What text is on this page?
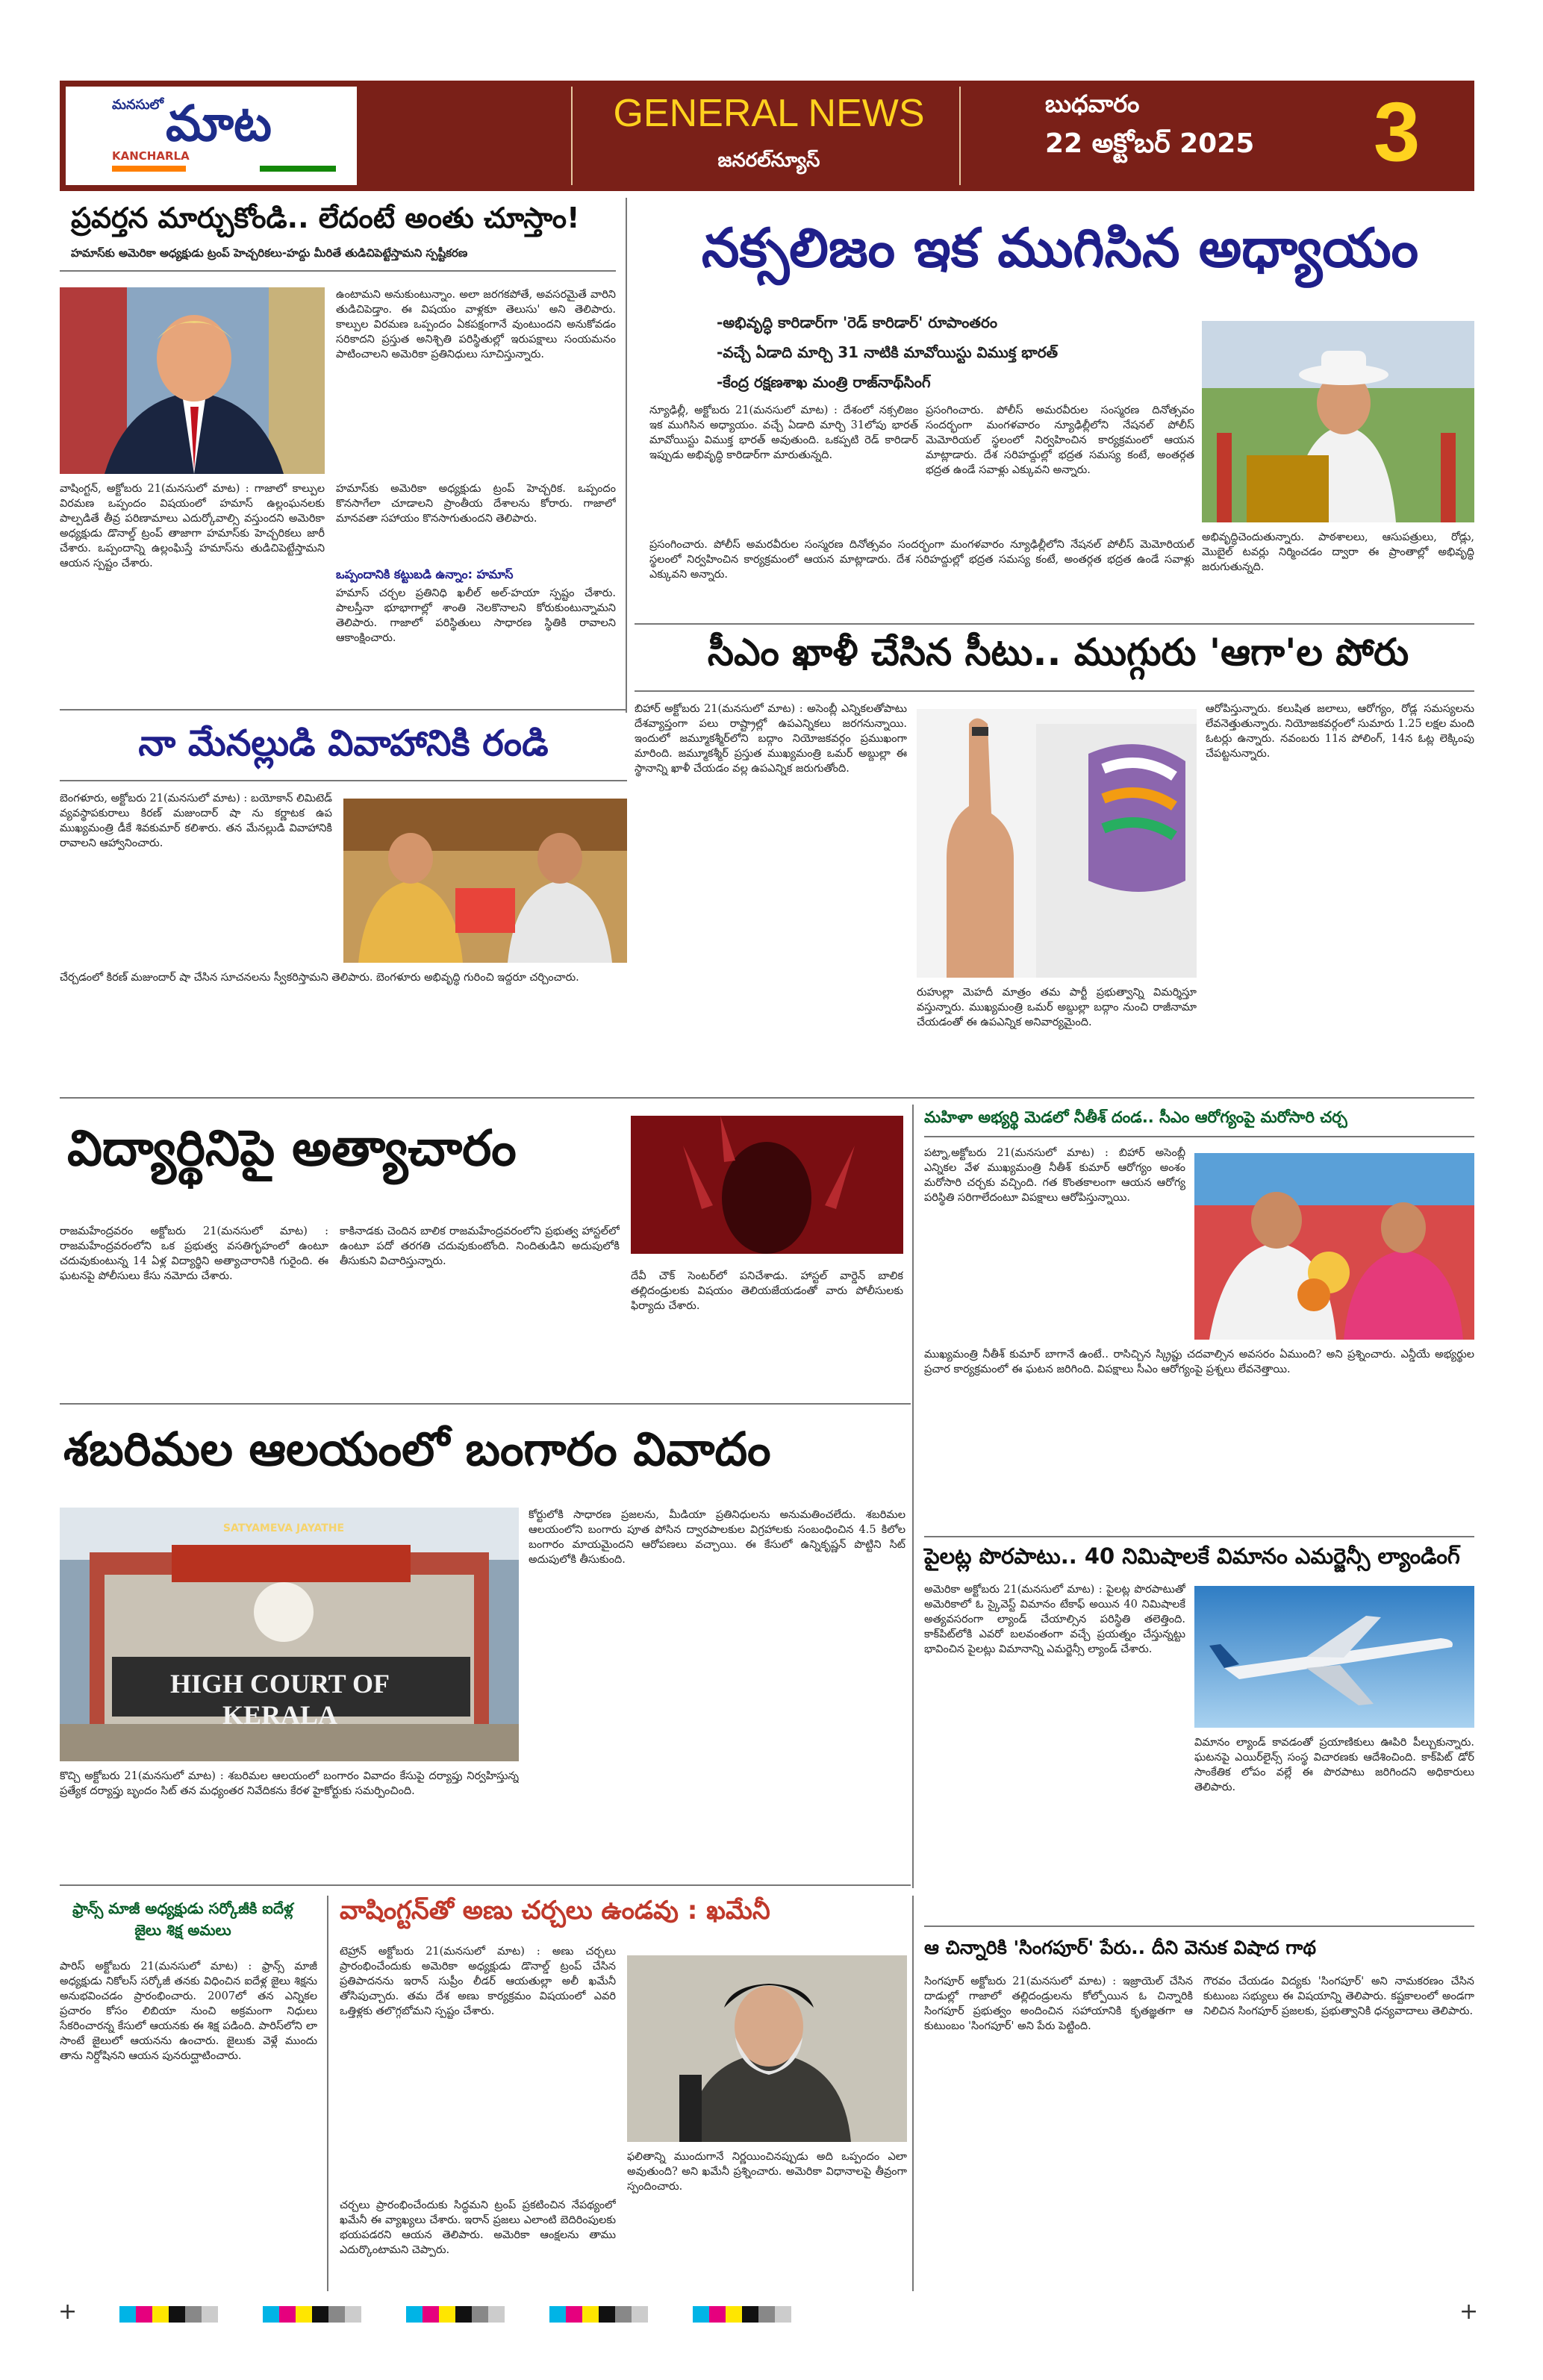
మనసులో మాట
KANCHARLA
GENERAL NEWS
జనరల్‌న్యూస్
బుధవారం
22 అక్టోబర్ 2025 3
ప్రవర్తన మార్చుకోండి.. లేదంటే అంతు చూస్తాం!
హమాస్‌కు అమెరికా అధ్యక్షుడు ట్రంప్ హెచ్చరికలు-హద్దు మీరితే తుడిచిపెట్టేస్తామని స్పష్టీకరణ
ఉంటామని అనుకుంటున్నాం. అలా జరగకపోతే, అవసరమైతే వారిని తుడిచిపెడ్తాం. ఈ విషయం వాళ్లకూ తెలుసు' అని తెలిపారు. కాల్పుల విరమణ ఒప్పందం ఏకపక్షంగానే వుంటుందని అనుకోవడం సరికాదని ప్రస్తుత అనిశ్చితి పరిస్థితుల్లో ఇరుపక్షాలు సంయమనం పాటించాలని అమెరికా ప్రతినిధులు సూచిస్తున్నారు.
వాషింగ్టన్, అక్టోబరు 21(మనసులో మాట) : గాజాలో కాల్పుల విరమణ ఒప్పందం విషయంలో హమాస్ ఉల్లంఘనలకు పాల్పడితే తీవ్ర పరిణామాలు ఎదుర్కోవాల్సి వస్తుందని అమెరికా అధ్యక్షుడు డొనాల్డ్ ట్రంప్ తాజాగా హమాస్‌కు హెచ్చరికలు జారీ చేశారు. ఒప్పందాన్ని ఉల్లంఘిస్తే హమాస్‌ను తుడిచిపెట్టేస్తామని ఆయన స్పష్టం చేశారు.
హమాస్‌కు అమెరికా అధ్యక్షుడు ట్రంప్ హెచ్చరిక. ఒప్పందం కొనసాగేలా చూడాలని ప్రాంతీయ దేశాలను కోరారు. గాజాలో మానవతా సహాయం కొనసాగుతుందని తెలిపారు.
ఒప్పందానికి కట్టుబడి ఉన్నాం: హమాస్
హమాస్ చర్చల ప్రతినిధి ఖలీల్ అల్-హయా స్పష్టం చేశారు. పాలస్తీనా భూభాగాల్లో శాంతి నెలకొనాలని కోరుకుంటున్నామని తెలిపారు. గాజాలో పరిస్థితులు సాధారణ స్థితికి రావాలని ఆకాంక్షించారు.
నక్సలిజం ఇక ముగిసిన అధ్యాయం
-అభివృద్ధి కారిడార్‌గా 'రెడ్ కారిడార్' రూపాంతరం
-వచ్చే ఏడాది మార్చి 31 నాటికి మావోయిస్టు విముక్త భారత్
-కేంద్ర రక్షణశాఖ మంత్రి రాజ్‌నాథ్‌సింగ్
న్యూఢిల్లీ, అక్టోబరు 21(మనసులో మాట) : దేశంలో నక్సలిజం ఇక ముగిసిన అధ్యాయం. వచ్చే ఏడాది మార్చి 31లోపు భారత్ మావోయిస్టు విముక్త భారత్ అవుతుంది. ఒకప్పటి రెడ్ కారిడార్ ఇప్పుడు అభివృద్ధి కారిడార్‌గా మారుతున్నది.
ప్రసంగించారు. పోలీస్ అమరవీరుల సంస్మరణ దినోత్సవం సందర్భంగా మంగళవారం న్యూఢిల్లీలోని నేషనల్ పోలీస్ మెమోరియల్ స్థలంలో నిర్వహించిన కార్యక్రమంలో ఆయన మాట్లాడారు. దేశ సరిహద్దుల్లో భద్రత సమస్య కంటే, అంతర్గత భద్రత ఉండే సవాళ్లు ఎక్కువని అన్నారు.
అభివృద్ధిచెందుతున్నారు. పాఠశాలలు, ఆసుపత్రులు, రోడ్లు, మొబైల్ టవర్లు నిర్మించడం ద్వారా ఈ ప్రాంతాల్లో అభివృద్ధి జరుగుతున్నది.
ప్రసంగించారు. పోలీస్ అమరవీరుల సంస్మరణ దినోత్సవం సందర్భంగా మంగళవారం న్యూఢిల్లీలోని నేషనల్ పోలీస్ మెమోరియల్ స్థలంలో నిర్వహించిన కార్యక్రమంలో ఆయన మాట్లాడారు. దేశ సరిహద్దుల్లో భద్రత సమస్య కంటే, అంతర్గత భద్రత ఉండే సవాళ్లు ఎక్కువని అన్నారు.
సీఎం ఖాళీ చేసిన సీటు.. ముగ్గురు 'ఆగా'ల పోరు
బిహార్ అక్టోబరు 21(మనసులో మాట) : అసెంబ్లీ ఎన్నికలతోపాటు దేశవ్యాప్తంగా పలు రాష్ట్రాల్లో ఉపఎన్నికలు జరగనున్నాయి. ఇందులో జమ్మూకశ్మీర్‌లోని బద్గాం నియోజకవర్గం ప్రముఖంగా మారింది. జమ్మూకశ్మీర్ ప్రస్తుత ముఖ్యమంత్రి ఒమర్ అబ్దుల్లా ఈ స్థానాన్ని ఖాళీ చేయడం వల్ల ఉపఎన్నిక జరుగుతోంది.
రుహుల్లా మెహదీ మాత్రం తమ పార్టీ ప్రభుత్వాన్ని విమర్శిస్తూ వస్తున్నారు. ముఖ్యమంత్రి ఒమర్ అబ్దుల్లా బద్గాం నుంచి రాజీనామా చేయడంతో ఈ ఉపఎన్నిక అనివార్యమైంది.
ఆరోపిస్తున్నారు. కలుషిత జలాలు, ఆరోగ్యం, రోడ్ల సమస్యలను లేవనెత్తుతున్నారు. నియోజకవర్గంలో సుమారు 1.25 లక్షల మంది ఓటర్లు ఉన్నారు. నవంబరు 11న పోలింగ్, 14న ఓట్ల లెక్కింపు చేపట్టనున్నారు.
నా మేనల్లుడి వివాహానికి రండి
బెంగళూరు, అక్టోబరు 21(మనసులో మాట) : బయోకాన్ లిమిటెడ్ వ్యవస్థాపకురాలు కిరణ్ మజుందార్ షా ను కర్ణాటక ఉప ముఖ్యమంత్రి డీకే శివకుమార్ కలిశారు. తన మేనల్లుడి వివాహానికి రావాలని ఆహ్వానించారు.
చేర్చడంలో కిరణ్ మజుందార్ షా చేసిన సూచనలను స్వీకరిస్తామని తెలిపారు. బెంగళూరు అభివృద్ధి గురించి ఇద్దరూ చర్చించారు.
విద్యార్థినిపై అత్యాచారం
రాజమహేంద్రవరం అక్టోబరు 21(మనసులో మాట) : రాజమహేంద్రవరంలోని ఒక ప్రభుత్వ వసతిగృహంలో ఉంటూ చదువుకుంటున్న 14 ఏళ్ల విద్యార్థిని అత్యాచారానికి గురైంది. ఈ ఘటనపై పోలీసులు కేసు నమోదు చేశారు.
కాకినాడకు చెందిన బాలిక రాజమహేంద్రవరంలోని ప్రభుత్వ హాస్టల్‌లో ఉంటూ పదో తరగతి చదువుకుంటోంది. నిందితుడిని అదుపులోకి తీసుకుని విచారిస్తున్నారు.
దేవీ చౌక్ సెంటర్‌లో పనిచేశాడు. హాస్టల్ వార్డెన్ బాలిక తల్లిదండ్రులకు విషయం తెలియజేయడంతో వారు పోలీసులకు ఫిర్యాదు చేశారు.
మహిళా అభ్యర్థి మెడలో నీతీశ్ దండ.. సీఎం ఆరోగ్యంపై మరోసారి చర్చ
పట్నా,అక్టోబరు 21(మనసులో మాట) : బిహార్ అసెంబ్లీ ఎన్నికల వేళ ముఖ్యమంత్రి నీతీశ్ కుమార్ ఆరోగ్యం అంశం మరోసారి చర్చకు వచ్చింది. గత కొంతకాలంగా ఆయన ఆరోగ్య పరిస్థితి సరిగాలేదంటూ విపక్షాలు ఆరోపిస్తున్నాయి.
ముఖ్యమంత్రి నీతీశ్ కుమార్ బాగానే ఉంటే.. రాసిచ్చిన స్క్రిప్టు చదవాల్సిన అవసరం ఏముంది? అని ప్రశ్నించారు. ఎన్డీయే అభ్యర్థుల ప్రచార కార్యక్రమంలో ఈ ఘటన జరిగింది. విపక్షాలు సీఎం ఆరోగ్యంపై ప్రశ్నలు లేవనెత్తాయి.
శబరిమల ఆలయంలో బంగారం వివాదం
SATYAMEVA JAYATHE
HIGH COURT OF KERALA
కోర్టులోకి సాధారణ ప్రజలను, మీడియా ప్రతినిధులను అనుమతించలేదు. శబరిమల ఆలయంలోని బంగారు పూత పోసిన ద్వారపాలకుల విగ్రహాలకు సంబంధించిన 4.5 కిలోల బంగారం మాయమైందని ఆరోపణలు వచ్చాయి. ఈ కేసులో ఉన్నికృష్ణన్ పొట్టిని సిట్ అదుపులోకి తీసుకుంది.
కొచ్చి అక్టోబరు 21(మనసులో మాట) : శబరిమల ఆలయంలో బంగారం వివాదం కేసుపై దర్యాప్తు నిర్వహిస్తున్న ప్రత్యేక దర్యాప్తు బృందం సిట్ తన మధ్యంతర నివేదికను కేరళ హైకోర్టుకు సమర్పించింది.
పైలట్ల పొరపాటు.. 40 నిమిషాలకే విమానం ఎమర్జెన్సీ ల్యాండింగ్
అమెరికా అక్టోబరు 21(మనసులో మాట) : పైలట్ల పొరపాటుతో అమెరికాలో ఓ స్కైవెస్ట్ విమానం టేకాఫ్ అయిన 40 నిమిషాలకే అత్యవసరంగా ల్యాండ్ చేయాల్సిన పరిస్థితి తలెత్తింది. కాక్‌పిట్‌లోకి ఎవరో బలవంతంగా వచ్చే ప్రయత్నం చేస్తున్నట్టు భావించిన పైలట్లు విమానాన్ని ఎమర్జెన్సీ ల్యాండ్ చేశారు.
విమానం ల్యాండ్ కావడంతో ప్రయాణికులు ఊపిరి పీల్చుకున్నారు. ఘటనపై ఎయిర్‌లైన్స్ సంస్థ విచారణకు ఆదేశించింది. కాక్‌పిట్ డోర్ సాంకేతిక లోపం వల్లే ఈ పొరపాటు జరిగిందని అధికారులు తెలిపారు.
ఫ్రాన్స్ మాజీ అధ్యక్షుడు సర్కోజీకి ఐదేళ్ల జైలు శిక్ష అమలు
పారిస్ అక్టోబరు 21(మనసులో మాట) : ఫ్రాన్స్ మాజీ అధ్యక్షుడు నికోలస్ సర్కోజీ తనకు విధించిన ఐదేళ్ల జైలు శిక్షను అనుభవించడం ప్రారంభించారు. 2007లో తన ఎన్నికల ప్రచారం కోసం లిబియా నుంచి అక్రమంగా నిధులు సేకరించారన్న కేసులో ఆయనకు ఈ శిక్ష పడింది. పారిస్‌లోని లా సాంటే జైలులో ఆయనను ఉంచారు. జైలుకు వెళ్లే ముందు తాను నిర్దోషినని ఆయన పునరుద్ఘాటించారు.
వాషింగ్టన్‌తో అణు చర్చలు ఉండవు : ఖమేనీ
టెహ్రాన్ అక్టోబరు 21(మనసులో మాట) : అణు చర్చలు ప్రారంభించేందుకు అమెరికా అధ్యక్షుడు డొనాల్డ్ ట్రంప్ చేసిన ప్రతిపాదనను ఇరాన్ సుప్రీం లీడర్ ఆయతుల్లా అలీ ఖమేనీ తోసిపుచ్చారు. తమ దేశ అణు కార్యక్రమం విషయంలో ఎవరి ఒత్తిళ్లకు తలొగ్గబోమని స్పష్టం చేశారు.
చర్చలు ప్రారంభించేందుకు సిద్ధమని ట్రంప్ ప్రకటించిన నేపథ్యంలో ఖమేనీ ఈ వ్యాఖ్యలు చేశారు. ఇరాన్ ప్రజలు ఎలాంటి బెదిరింపులకు భయపడరని ఆయన తెలిపారు. అమెరికా ఆంక్షలను తాము ఎదుర్కొంటామని చెప్పారు.
ఫలితాన్ని ముందుగానే నిర్ణయించినప్పుడు అది ఒప్పందం ఎలా అవుతుంది? అని ఖమేనీ ప్రశ్నించారు. అమెరికా విధానాలపై తీవ్రంగా స్పందించారు.
ఆ చిన్నారికి 'సింగపూర్' పేరు.. దీని వెనుక విషాద గాథ
సింగపూర్ అక్టోబరు 21(మనసులో మాట) : ఇజ్రాయెల్ చేసిన దాడుల్లో గాజాలో తల్లిదండ్రులను కోల్పోయిన ఓ చిన్నారికి సింగపూర్ ప్రభుత్వం అందించిన సహాయానికి కృతజ్ఞతగా ఆ కుటుంబం 'సింగపూర్' అని పేరు పెట్టింది.
గౌరవం చేయడం విద్యకు 'సింగపూర్' అని నామకరణం చేసిన కుటుంబ సభ్యులు ఈ విషయాన్ని తెలిపారు. కష్టకాలంలో అండగా నిలిచిన సింగపూర్ ప్రజలకు, ప్రభుత్వానికి ధన్యవాదాలు తెలిపారు.
+	+
